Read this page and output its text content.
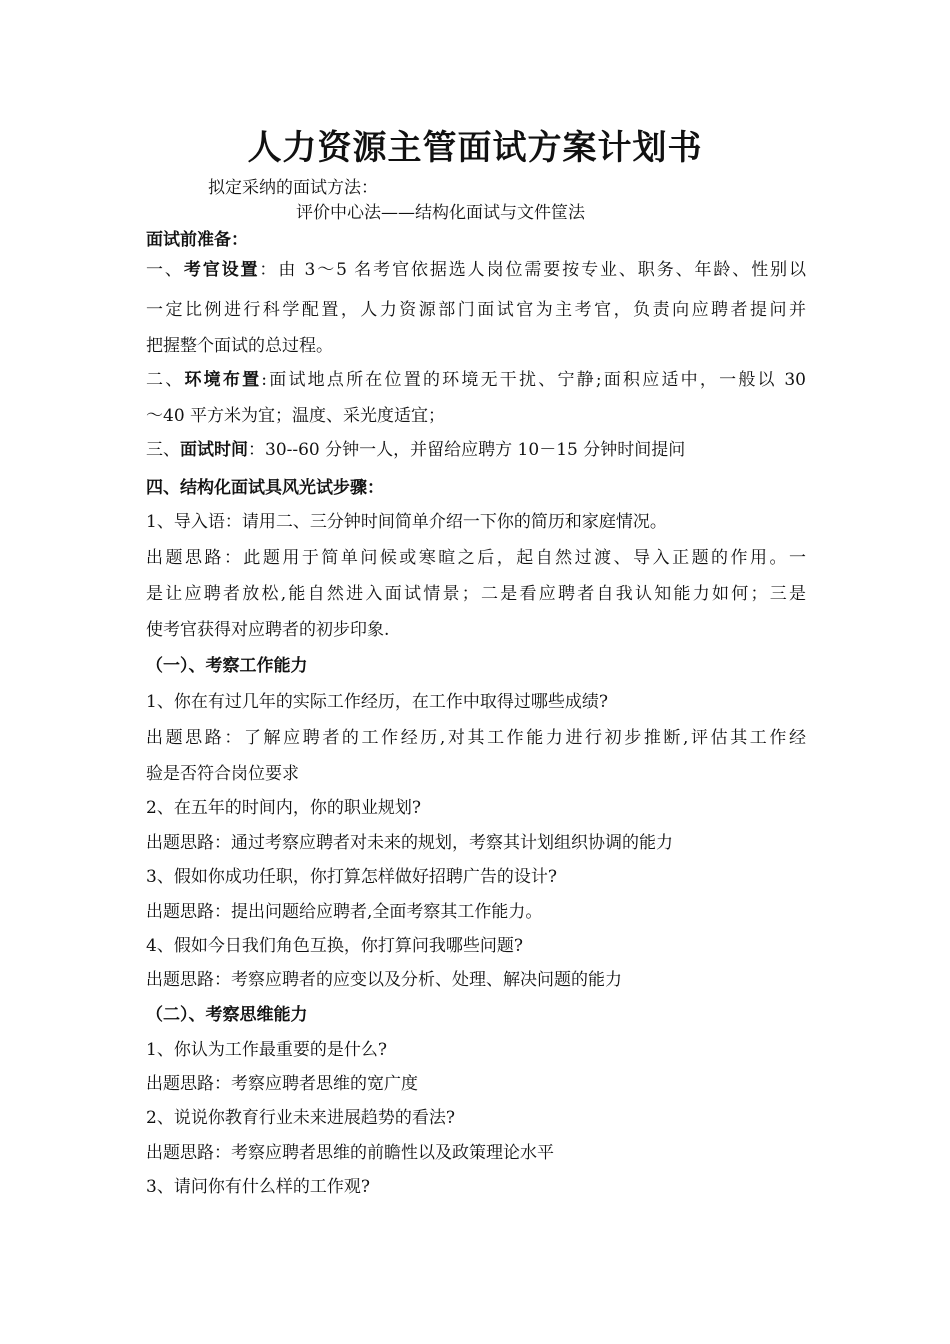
人力资源主管面试方案计划书
拟定采纳的面试方法：
评价中心法——结构化面试与文件筐法
面试前准备：
一、考官设置：由 3～5 名考官依据选人岗位需要按专业、职务、年龄、性别以
一定比例进行科学配置，人力资源部门面试官为主考官，负责向应聘者提问并
把握整个面试的总过程。
二、环境布置:面试地点所在位置的环境无干扰、宁静;面积应适中，一般以 30
～40 平方米为宜；温度、采光度适宜；
三、面试时间：30--60 分钟一人，并留给应聘方 10－15 分钟时间提问
四、结构化面试具风光试步骤：
1、导入语：请用二、三分钟时间简单介绍一下你的简历和家庭情况。
出题思路：此题用于简单问候或寒暄之后，起自然过渡、导入正题的作用。一
是让应聘者放松,能自然进入面试情景；二是看应聘者自我认知能力如何；三是
使考官获得对应聘者的初步印象.
（一）、考察工作能力
1、你在有过几年的实际工作经历，在工作中取得过哪些成绩?
出题思路：了解应聘者的工作经历,对其工作能力进行初步推断,评估其工作经
验是否符合岗位要求
2、在五年的时间内，你的职业规划?
出题思路：通过考察应聘者对未来的规划，考察其计划组织协调的能力
3、假如你成功任职，你打算怎样做好招聘广告的设计?
出题思路：提出问题给应聘者,全面考察其工作能力。
4、假如今日我们角色互换，你打算问我哪些问题?
出题思路：考察应聘者的应变以及分析、处理、解决问题的能力
（二）、考察思维能力
1、你认为工作最重要的是什么?
出题思路：考察应聘者思维的宽广度
2、说说你教育行业未来进展趋势的看法?
出题思路：考察应聘者思维的前瞻性以及政策理论水平
3、请问你有什么样的工作观?
